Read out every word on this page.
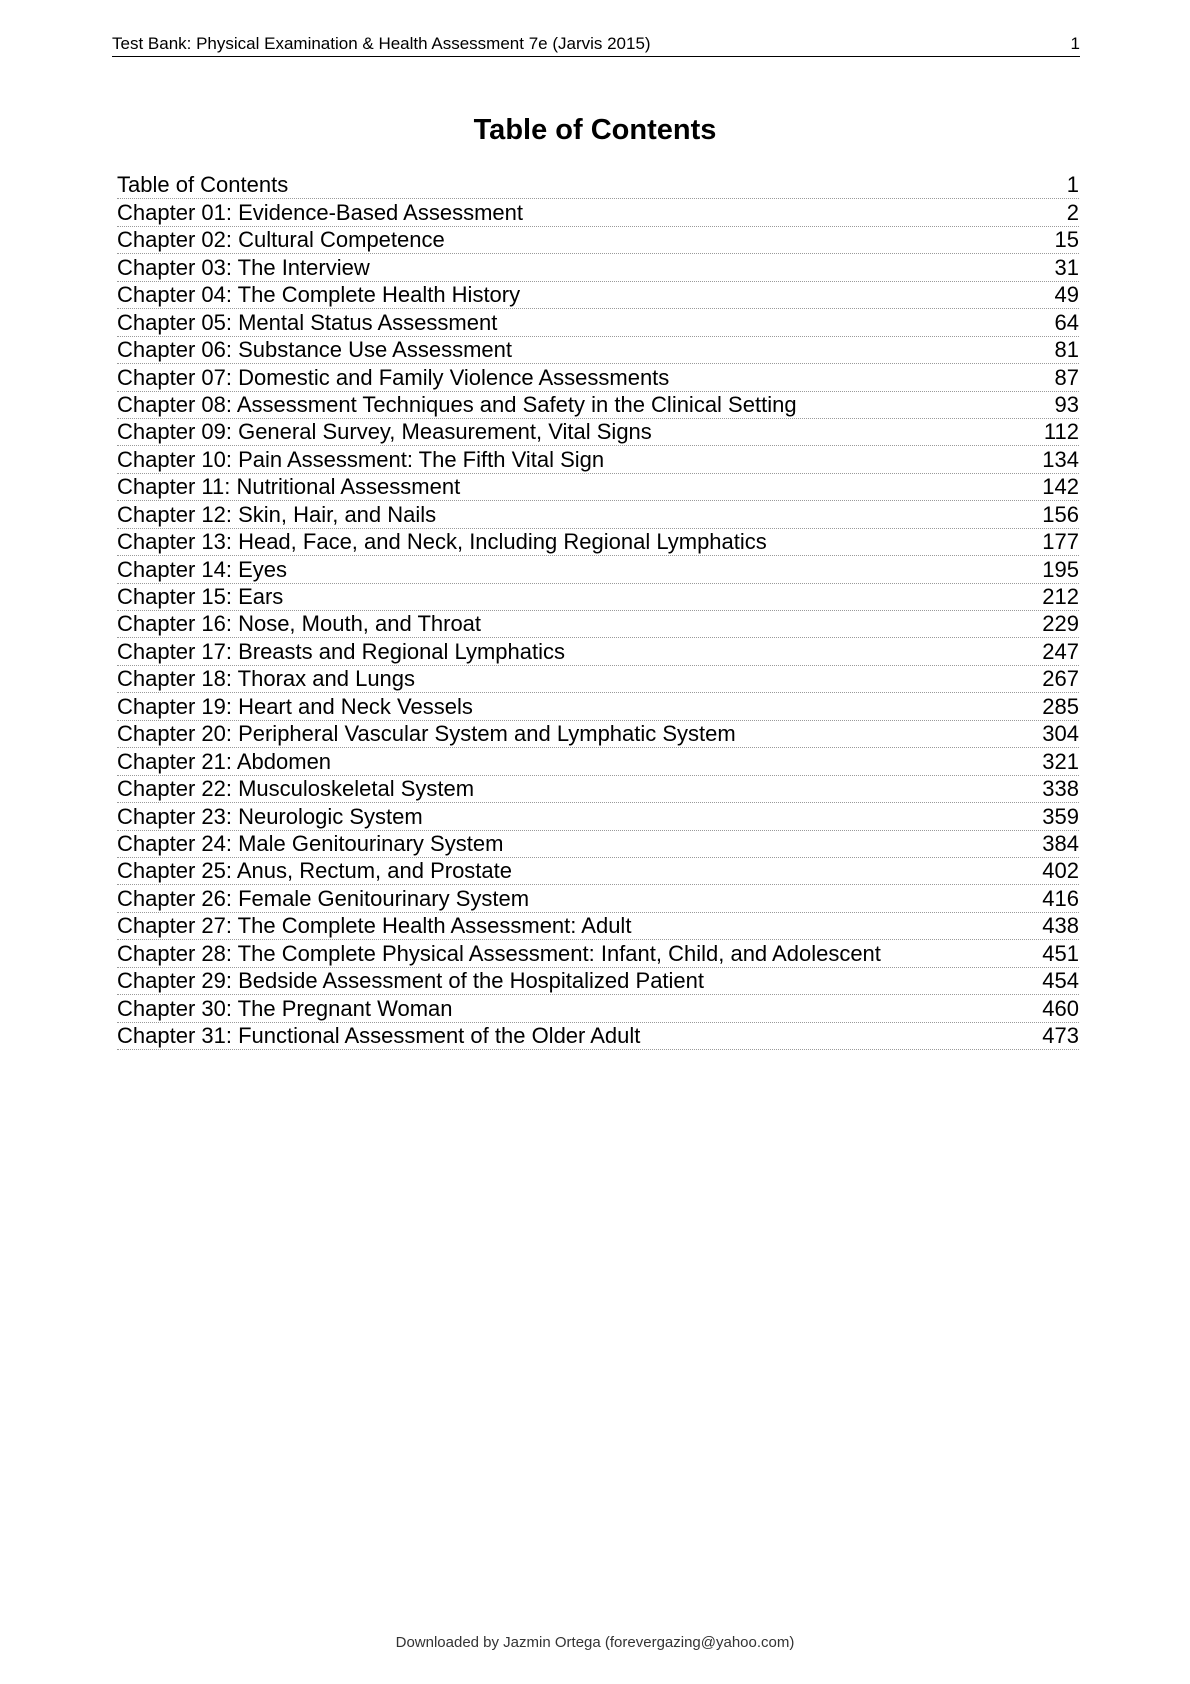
Test Bank: Physical Examination & Health Assessment 7e (Jarvis 2015)	1
Table of Contents
Table of Contents	1
Chapter 01: Evidence-Based Assessment	2
Chapter 02: Cultural Competence	15
Chapter 03: The Interview	31
Chapter 04: The Complete Health History	49
Chapter 05: Mental Status Assessment	64
Chapter 06: Substance Use Assessment	81
Chapter 07: Domestic and Family Violence Assessments	87
Chapter 08: Assessment Techniques and Safety in the Clinical Setting	93
Chapter 09: General Survey, Measurement, Vital Signs	112
Chapter 10: Pain Assessment: The Fifth Vital Sign	134
Chapter 11: Nutritional Assessment	142
Chapter 12: Skin, Hair, and Nails	156
Chapter 13: Head, Face, and Neck, Including Regional Lymphatics	177
Chapter 14: Eyes	195
Chapter 15: Ears	212
Chapter 16: Nose, Mouth, and Throat	229
Chapter 17: Breasts and Regional Lymphatics	247
Chapter 18: Thorax and Lungs	267
Chapter 19: Heart and Neck Vessels	285
Chapter 20: Peripheral Vascular System and Lymphatic System	304
Chapter 21: Abdomen	321
Chapter 22: Musculoskeletal System	338
Chapter 23: Neurologic System	359
Chapter 24: Male Genitourinary System	384
Chapter 25: Anus, Rectum, and Prostate	402
Chapter 26: Female Genitourinary System	416
Chapter 27: The Complete Health Assessment: Adult	438
Chapter 28: The Complete Physical Assessment: Infant, Child, and Adolescent	451
Chapter 29: Bedside Assessment of the Hospitalized Patient	454
Chapter 30: The Pregnant Woman	460
Chapter 31: Functional Assessment of the Older Adult	473
Downloaded by Jazmin Ortega (forevergazing@yahoo.com)
